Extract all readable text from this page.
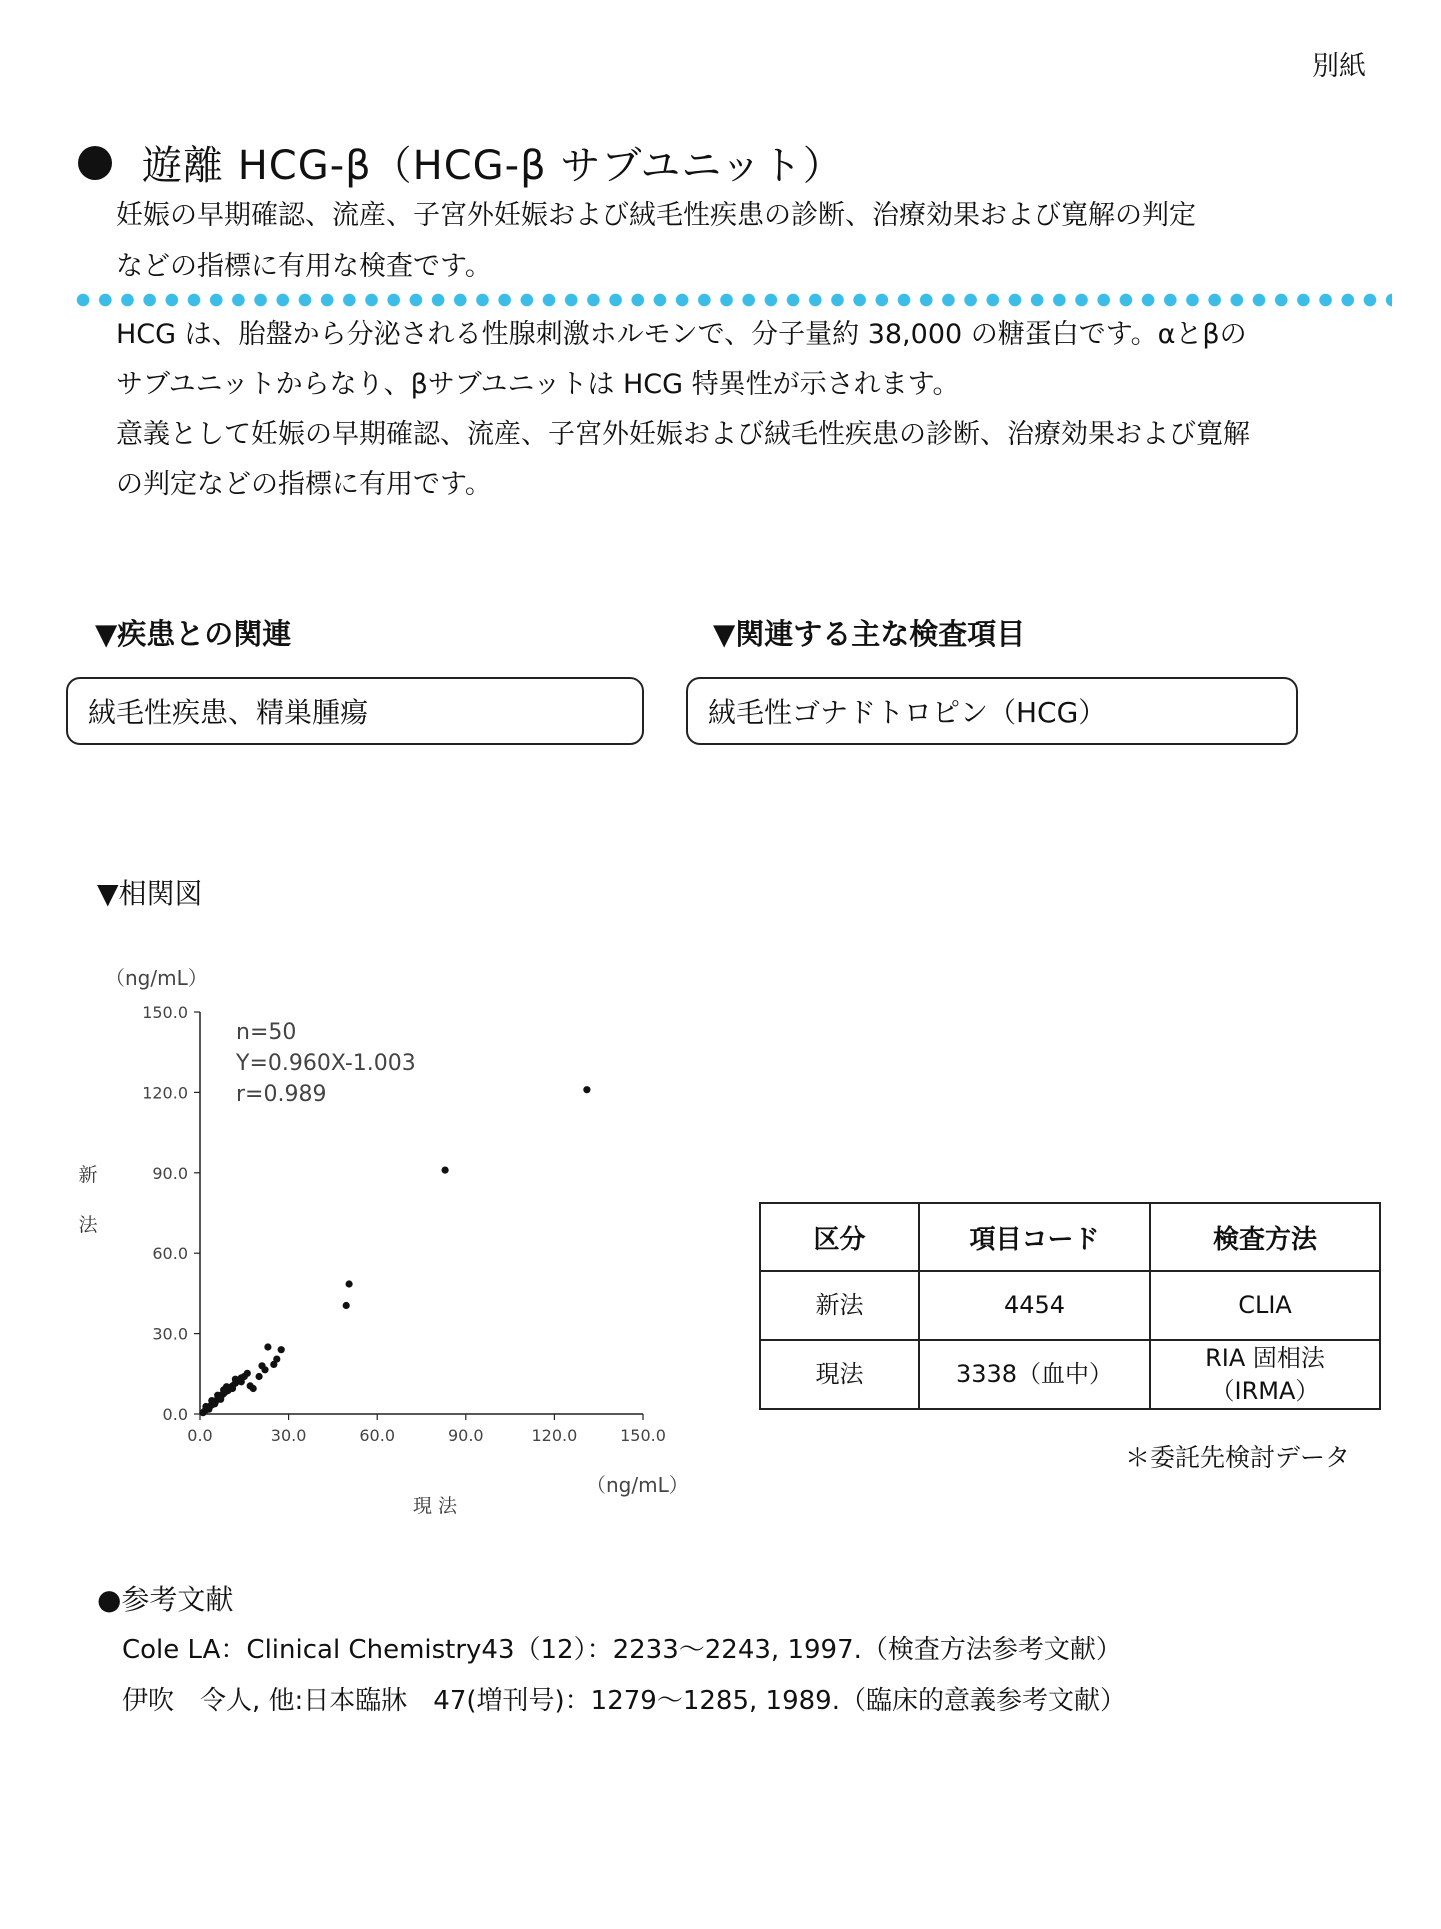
別紙
遊離 HCG-β（HCG-β サブユニット）
妊娠の早期確認、流産、子宮外妊娠および絨毛性疾患の診断、治療効果および寛解の判定
などの指標に有用な検査です。
HCG は、胎盤から分泌される性腺刺激ホルモンで、分子量約 38,000 の糖蛋白です。αとβの
サブユニットからなり、βサブユニットは HCG 特異性が示されます。
意義として妊娠の早期確認、流産、子宮外妊娠および絨毛性疾患の診断、治療効果および寛解
の判定などの指標に有用です。
▼疾患との関連	▼関連する主な検査項目
絨毛性疾患、精巣腫瘍	絨毛性ゴナドトロピン（HCG）
▼相関図
0.0
30.0
60.0
90.0
120.0
150.0
0.0	30.0	60.0	90.0	120.0	150.0
（ng/mL）
（ng/mL）
新
法
現 法
n=50
Y=0.960X-1.003
r=0.989
区分	項目コード	検査方法
新法	4454	CLIA
現法	3338（血中）	RIA 固相法
（IRMA）
＊委託先検討データ
●参考文献
Cole LA：Clinical Chemistry43（12）：2233～2243, 1997.（検査方法参考文献）
伊吹　令人, 他:日本臨牀　47(増刊号)：1279～1285, 1989.（臨床的意義参考文献）
